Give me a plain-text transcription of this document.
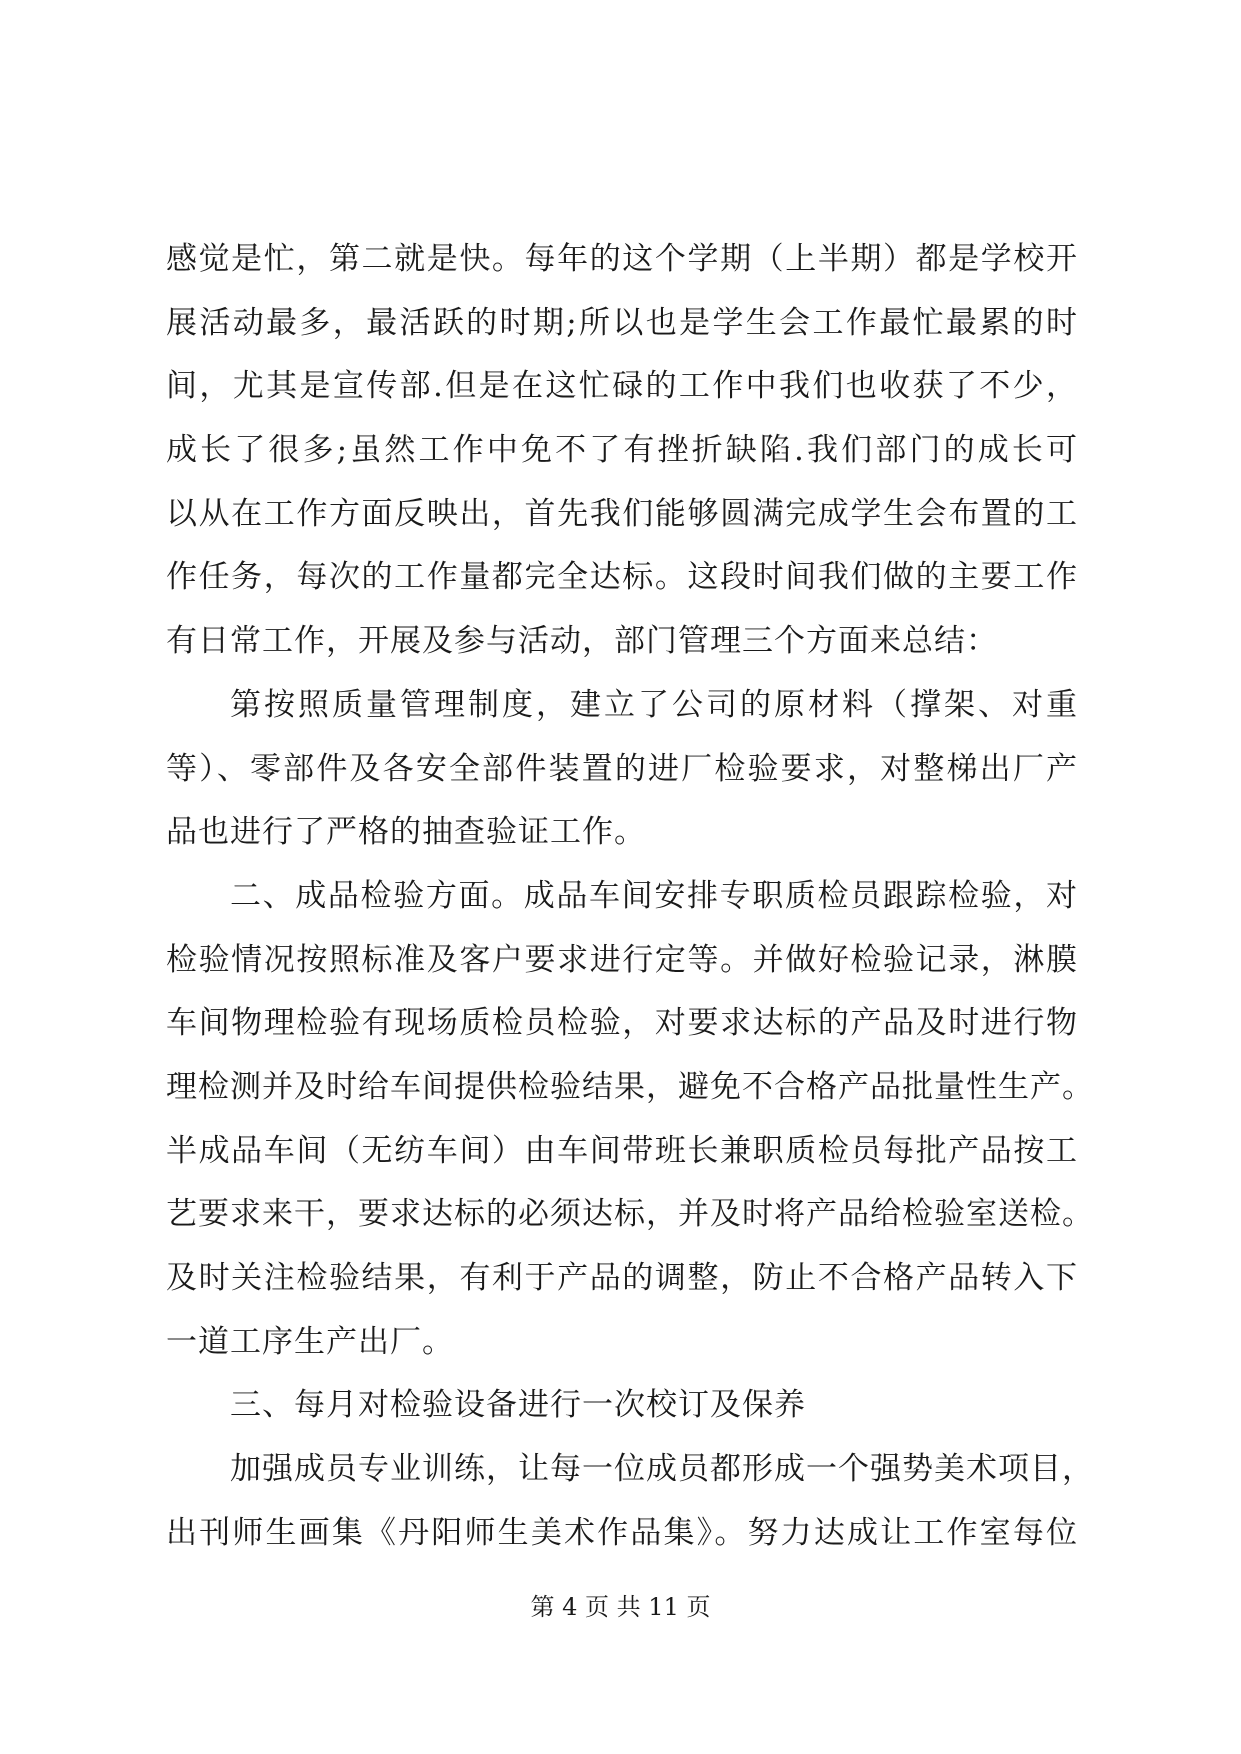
感觉是忙，第二就是快。每年的这个学期（上半期）都是学校开
展活动最多，最活跃的时期;所以也是学生会工作最忙最累的时
间，尤其是宣传部.但是在这忙碌的工作中我们也收获了不少，
成长了很多;虽然工作中免不了有挫折缺陷.我们部门的成长可
以从在工作方面反映出，首先我们能够圆满完成学生会布置的工
作任务，每次的工作量都完全达标。这段时间我们做的主要工作
有日常工作，开展及参与活动，部门管理三个方面来总结：
第按照质量管理制度，建立了公司的原材料（撑架、对重
等）、零部件及各安全部件装置的进厂检验要求，对整梯出厂产
品也进行了严格的抽查验证工作。
二、成品检验方面。成品车间安排专职质检员跟踪检验，对
检验情况按照标准及客户要求进行定等。并做好检验记录，淋膜
车间物理检验有现场质检员检验，对要求达标的产品及时进行物
理检测并及时给车间提供检验结果，避免不合格产品批量性生产。
半成品车间（无纺车间）由车间带班长兼职质检员每批产品按工
艺要求来干，要求达标的必须达标，并及时将产品给检验室送检。
及时关注检验结果，有利于产品的调整，防止不合格产品转入下
一道工序生产出厂。
三、每月对检验设备进行一次校订及保养
加强成员专业训练，让每一位成员都形成一个强势美术项目，
出刊师生画集《丹阳师生美术作品集》。努力达成让工作室每位
第 4 页 共 11 页
